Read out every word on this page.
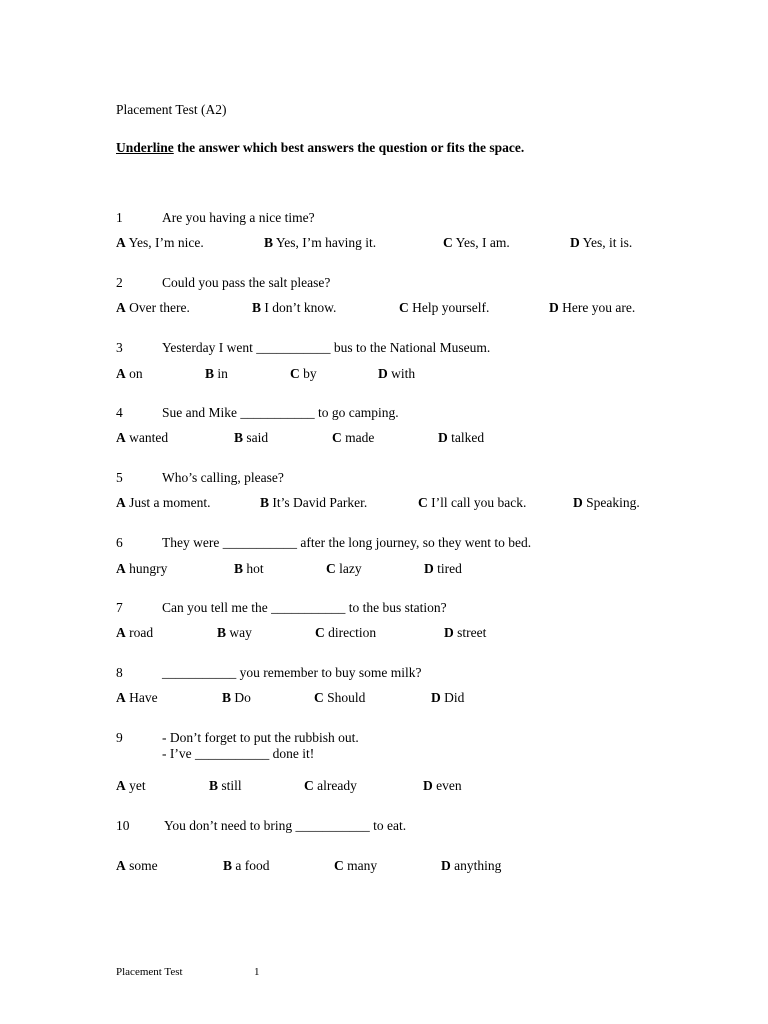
Placement Test (A2)
Underline the answer which best answers the question or fits the space.
1	Are you having a nice time?
A Yes, I’m nice.	B Yes, I’m having it.	C Yes, I am.	D Yes, it is.
2	Could you pass the salt please?
A Over there.	B I don’t know.	C Help yourself.	D Here you are.
3	Yesterday I went ___________ bus to the National Museum.
A on	B in	C by	D with
4	Sue and Mike ___________ to go camping.
A wanted	B said	C made	D talked
5	Who’s calling, please?
A Just a moment.	B It’s David Parker.	C I’ll call you back.	D Speaking.
6	They were ___________ after the long journey, so they went to bed.
A hungry	B hot	C lazy	D tired
7	Can you tell me the ___________ to the bus station?
A road	B way	C direction	D street
8	___________ you remember to buy some milk?
A Have	B Do	C Should	D Did
9	- Don’t forget to put the rubbish out.
- I’ve ___________ done it!
A yet	B still	C already	D even
10	You don’t need to bring ___________ to eat.
A some	B a food	C many	D anything
Placement Test	1
